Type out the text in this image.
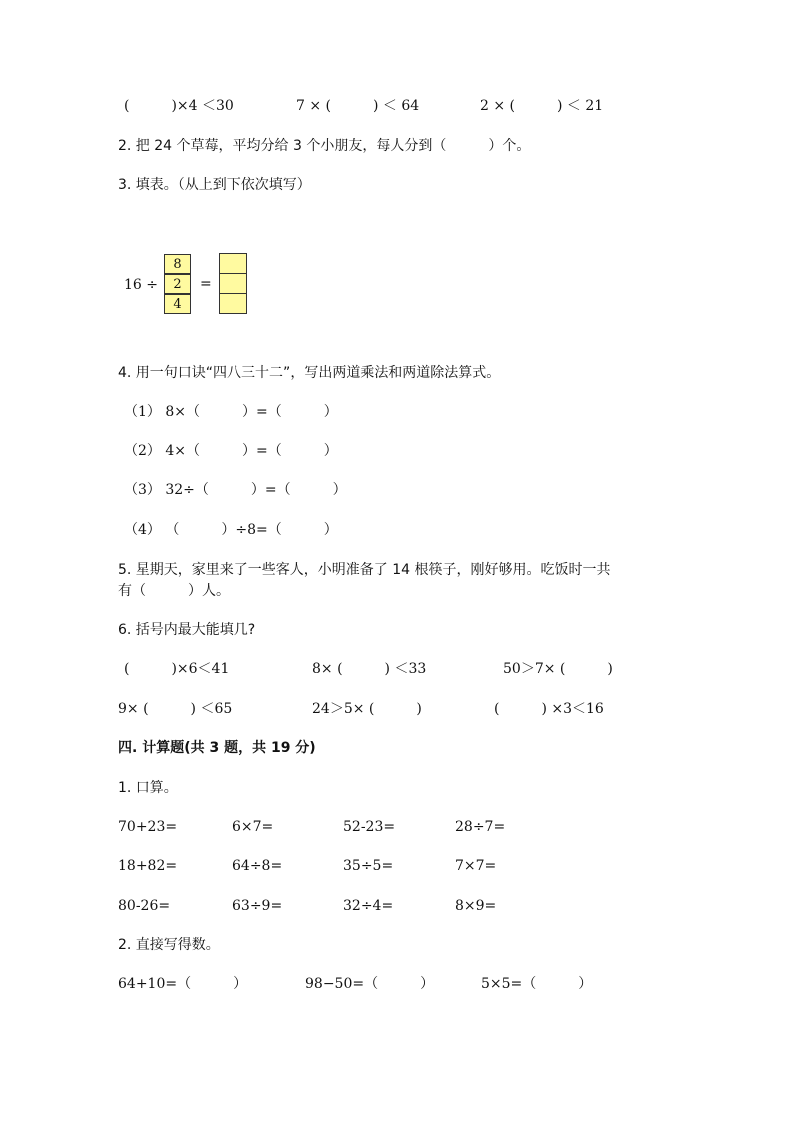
(　　　)×4 ＜30	7 × (　　　) ＜ 64	2 × (　　　) ＜ 21
2. 把 24 个草莓，平均分给 3 个小朋友，每人分到（　　　）个。
3. 填表。（从上到下依次填写）
16 ÷
8
2
4
=
4. 用一句口诀“四八三十二”，写出两道乘法和两道除法算式。
（1） 8×（　　　）=（　　　）
（2） 4×（　　　）=（　　　）
（3） 32÷（　　　）=（　　　）
（4） （　　　）÷8=（　　　）
5. 星期天，家里来了一些客人，小明准备了 14 根筷子，刚好够用。吃饭时一共
有（　　　）人。
6. 括号内最大能填几?
(　　　)×6＜41	8× (　　　) ＜33	50＞7× (　　　)
9× (　　　) ＜65	24＞5× (　　　)	(　　　) ×3＜16
四. 计算题(共 3 题，共 19 分)
1. 口算。
70+23=	6×7=	52-23=	28÷7=
18+82=	64÷8=	35÷5=	7×7=
80-26=	63÷9=	32÷4=	8×9=
2. 直接写得数。
64+10=（　　　）	98−50=（　　　）	5×5=（　　　）
